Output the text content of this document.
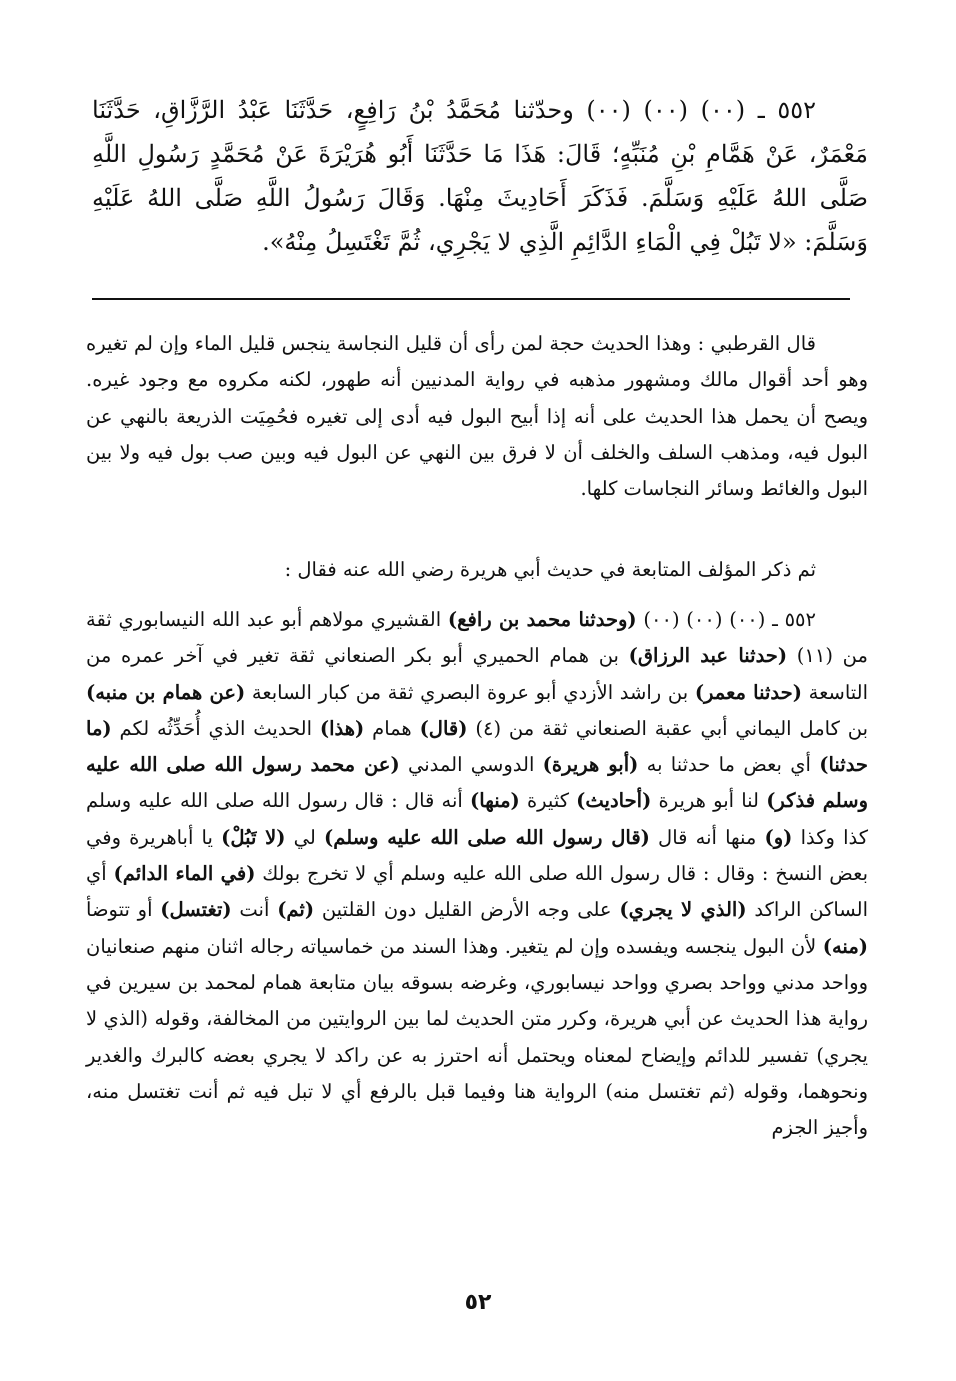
٥٥٢ ـ (٠٠) (٠٠) (٠٠) وحدّثنا مُحَمَّدُ بْنُ رَافِعٍ، حَدَّثَنَا عَبْدُ الرَّزَّاقِ، حَدَّثَنَا مَعْمَرٌ، عَنْ هَمَّامِ بْنِ مُنَبِّهٍ؛ قَالَ: هَذَا مَا حَدَّثَنَا أَبُو هُرَيْرَةَ عَنْ مُحَمَّدٍ رَسُولِ اللَّهِ صَلَّى اللهُ عَلَيْهِ وَسَلَّمَ. فَذَكَرَ أَحَادِيثَ مِنْهَا. وَقَالَ رَسُولُ اللَّهِ صَلَّى اللهُ عَلَيْهِ وَسَلَّمَ: «لا تَبُلْ فِي الْمَاءِ الدَّائِمِ الَّذِي لا يَجْرِي، ثُمَّ تَغْتَسِلُ مِنْهُ».
قال القرطبي : وهذا الحديث حجة لمن رأى أن قليل النجاسة ينجس قليل الماء وإن لم تغيره وهو أحد أقوال مالك ومشهور مذهبه في رواية المدنيين أنه طهور، لكنه مكروه مع وجود غيره. ويصح أن يحمل هذا الحديث على أنه إذا أبيح البول فيه أدى إلى تغيره فحُمِيَت الذريعة بالنهي عن البول فيه، ومذهب السلف والخلف أن لا فرق بين النهي عن البول فيه وبين صب بول فيه ولا بين البول والغائط وسائر النجاسات كلها.
ثم ذكر المؤلف المتابعة في حديث أبي هريرة رضي الله عنه فقال :
٥٥٢ ـ (٠٠) (٠٠) (٠٠) (وحدثنا محمد بن رافع) القشيري مولاهم أبو عبد الله النيسابوري ثقة من (١١) (حدثنا عبد الرزاق) بن همام الحميري أبو بكر الصنعاني ثقة تغير في آخر عمره من التاسعة (حدثنا معمر) بن راشد الأزدي أبو عروة البصري ثقة من كبار السابعة (عن همام بن منبه) بن كامل اليماني أبي عقبة الصنعاني ثقة من (٤) (قال) همام (هذا) الحديث الذي أُحَدِّثُه لكم (ما حدثنا) أي بعض ما حدثنا به (أبو هريرة) الدوسي المدني (عن محمد رسول الله صلى الله عليه وسلم فذكر) لنا أبو هريرة (أحاديث) كثيرة (منها) أنه قال : قال رسول الله صلى الله عليه وسلم كذا وكذا (و) منها أنه قال (قال رسول الله صلى الله عليه وسلم) لي (لا تَبُلْ) يا أباهريرة وفي بعض النسخ : وقال : قال رسول الله صلى الله عليه وسلم أي لا تخرج بولك (في الماء الدائم) أي الساكن الراكد (الذي لا يجري) على وجه الأرض القليل دون القلتين (ثم) أنت (تغتسل) أو تتوضأ (منه) لأن البول ينجسه ويفسده وإن لم يتغير. وهذا السند من خماسياته رجاله اثنان منهم صنعانيان وواحد مدني وواحد بصري وواحد نيسابوري، وغرضه بسوقه بيان متابعة همام لمحمد بن سيرين في رواية هذا الحديث عن أبي هريرة، وكرر متن الحديث لما بين الروايتين من المخالفة، وقوله (الذي لا يجري) تفسير للدائم وإيضاح لمعناه ويحتمل أنه احترز به عن راكد لا يجري بعضه كالبرك والغدير ونحوهما، وقوله (ثم تغتسل منه) الرواية هنا وفيما قبل بالرفع أي لا تبل فيه ثم أنت تغتسل منه، وأجيز الجزم
٥٢
